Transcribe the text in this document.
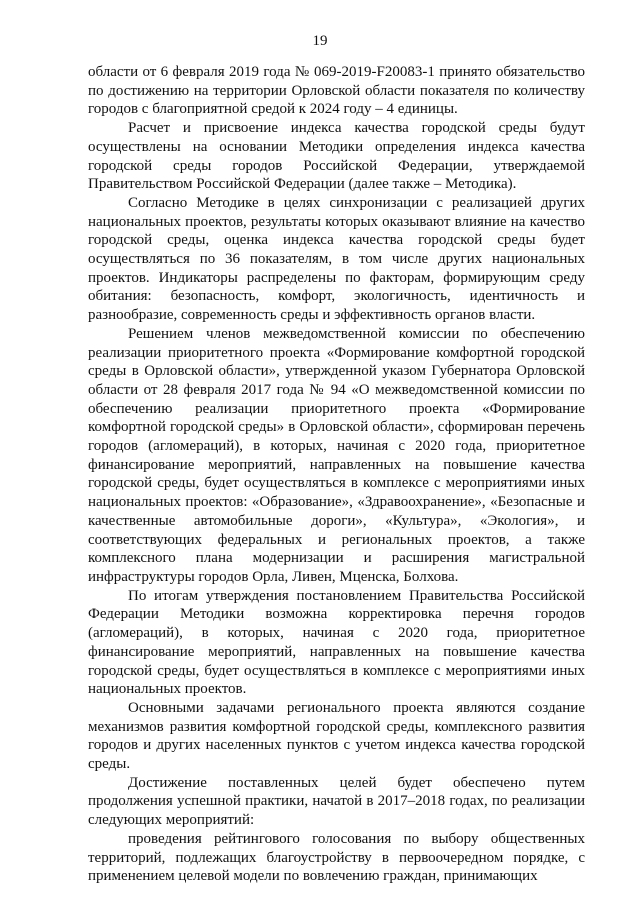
19

области от 6 февраля 2019 года № 069-2019-F20083-1 принято обязательство по достижению на территории Орловской области показателя по количеству городов с благоприятной средой к 2024 году – 4 единицы.

Расчет и присвоение индекса качества городской среды будут осуществлены на основании Методики определения индекса качества городской среды городов Российской Федерации, утверждаемой Правительством Российской Федерации (далее также – Методика).

Согласно Методике в целях синхронизации с реализацией других национальных проектов, результаты которых оказывают влияние на качество городской среды, оценка индекса качества городской среды будет осуществляться по 36 показателям, в том числе других национальных проектов. Индикаторы распределены по факторам, формирующим среду обитания: безопасность, комфорт, экологичность, идентичность и разнообразие, современность среды и эффективность органов власти.

Решением членов межведомственной комиссии по обеспечению реализации приоритетного проекта «Формирование комфортной городской среды в Орловской области», утвержденной указом Губернатора Орловской области от 28 февраля 2017 года № 94 «О межведомственной комиссии по обеспечению реализации приоритетного проекта «Формирование комфортной городской среды» в Орловской области», сформирован перечень городов (агломераций), в которых, начиная с 2020 года, приоритетное финансирование мероприятий, направленных на повышение качества городской среды, будет осуществляться в комплексе с мероприятиями иных национальных проектов: «Образование», «Здравоохранение», «Безопасные и качественные автомобильные дороги», «Культура», «Экология», и соответствующих федеральных и региональных проектов, а также комплексного плана модернизации и расширения магистральной инфраструктуры городов Орла, Ливен, Мценска, Болхова.

По итогам утверждения постановлением Правительства Российской Федерации Методики возможна корректировка перечня городов (агломераций), в которых, начиная с 2020 года, приоритетное финансирование мероприятий, направленных на повышение качества городской среды, будет осуществляться в комплексе с мероприятиями иных национальных проектов.

Основными задачами регионального проекта являются создание механизмов развития комфортной городской среды, комплексного развития городов и других населенных пунктов с учетом индекса качества городской среды.

Достижение поставленных целей будет обеспечено путем продолжения успешной практики, начатой в 2017–2018 годах, по реализации следующих мероприятий:

проведения рейтингового голосования по выбору общественных территорий, подлежащих благоустройству в первоочередном порядке, с применением целевой модели по вовлечению граждан, принимающих
